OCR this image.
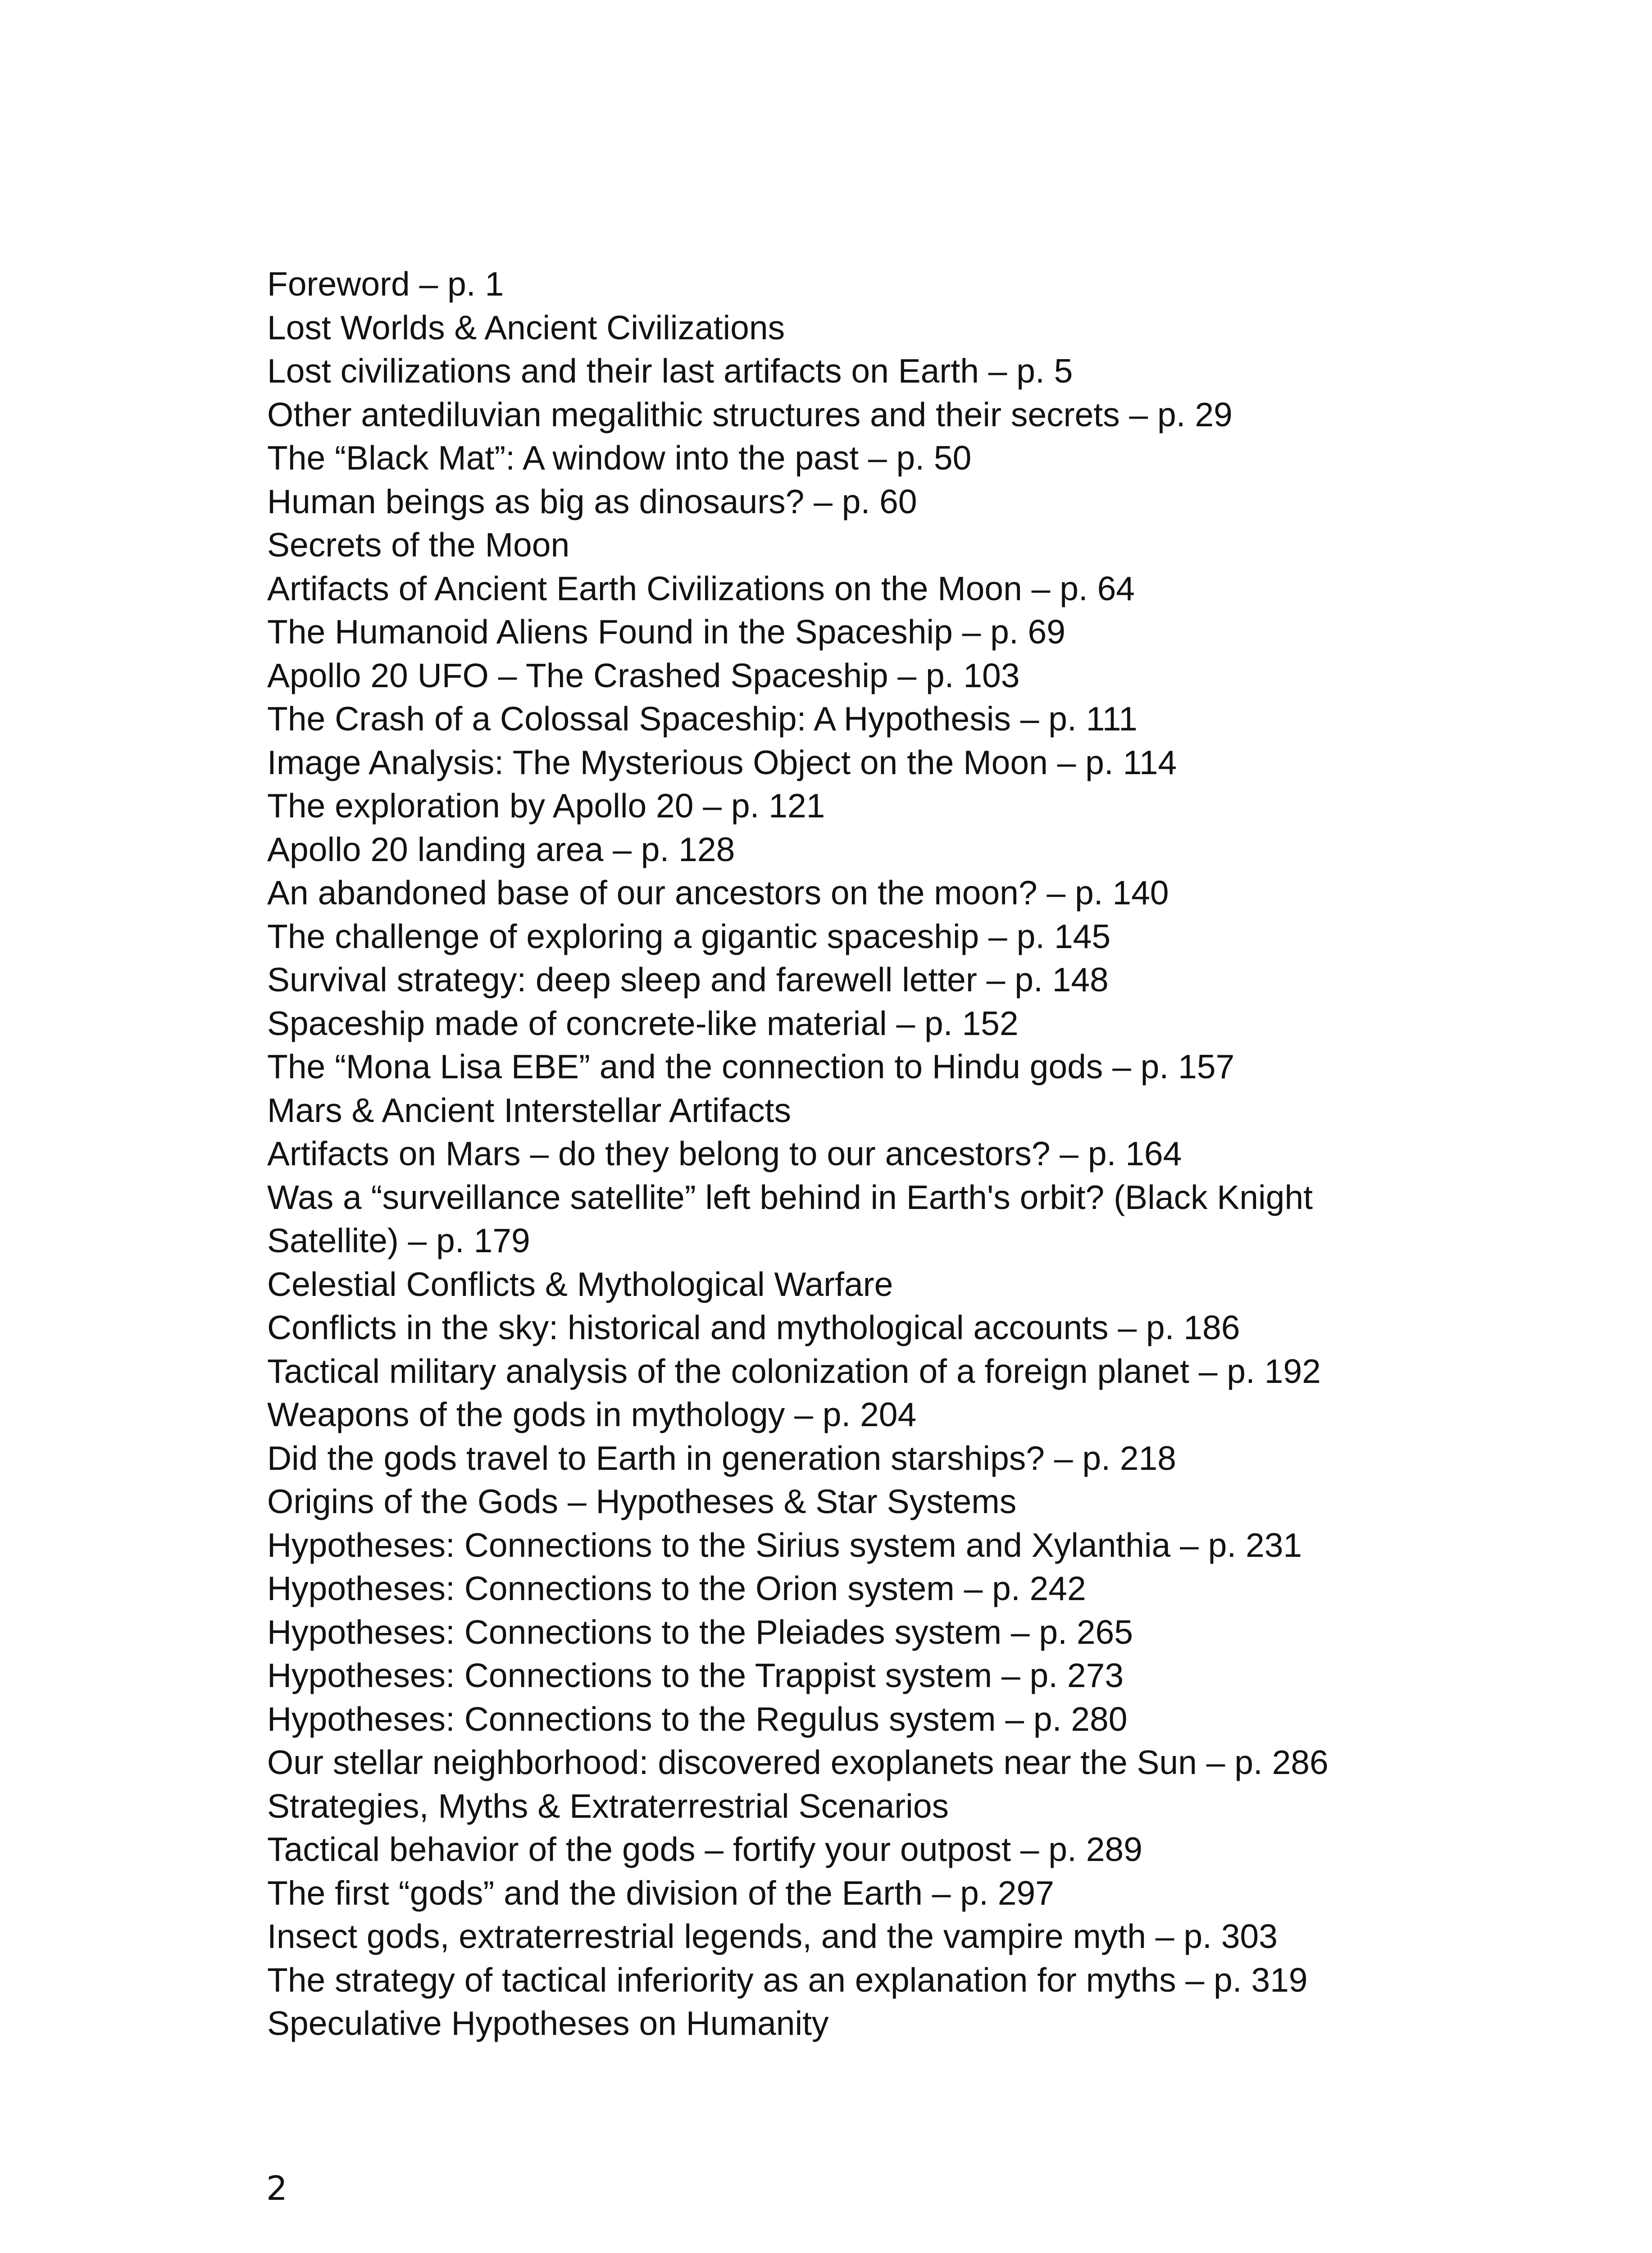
Foreword – p. 1
Lost Worlds & Ancient Civilizations
Lost civilizations and their last artifacts on Earth – p. 5
Other antediluvian megalithic structures and their secrets – p. 29
The “Black Mat”: A window into the past – p. 50
Human beings as big as dinosaurs? – p. 60
Secrets of the Moon
Artifacts of Ancient Earth Civilizations on the Moon – p. 64
The Humanoid Aliens Found in the Spaceship – p. 69
Apollo 20 UFO – The Crashed Spaceship – p. 103
The Crash of a Colossal Spaceship: A Hypothesis – p. 111
Image Analysis: The Mysterious Object on the Moon – p. 114
The exploration by Apollo 20 – p. 121
Apollo 20 landing area – p. 128
An abandoned base of our ancestors on the moon? – p. 140
The challenge of exploring a gigantic spaceship – p. 145
Survival strategy: deep sleep and farewell letter – p. 148
Spaceship made of concrete-like material – p. 152
The “Mona Lisa EBE” and the connection to Hindu gods – p. 157
Mars & Ancient Interstellar Artifacts
Artifacts on Mars – do they belong to our ancestors? – p. 164
Was a “surveillance satellite” left behind in Earth's orbit? (Black Knight Satellite) – p. 179
Celestial Conflicts & Mythological Warfare
Conflicts in the sky: historical and mythological accounts – p. 186
Tactical military analysis of the colonization of a foreign planet – p. 192
Weapons of the gods in mythology – p. 204
Did the gods travel to Earth in generation starships? – p. 218
Origins of the Gods – Hypotheses & Star Systems
Hypotheses: Connections to the Sirius system and Xylanthia – p. 231
Hypotheses: Connections to the Orion system – p. 242
Hypotheses: Connections to the Pleiades system – p. 265
Hypotheses: Connections to the Trappist system – p. 273
Hypotheses: Connections to the Regulus system – p. 280
Our stellar neighborhood: discovered exoplanets near the Sun – p. 286
Strategies, Myths & Extraterrestrial Scenarios
Tactical behavior of the gods – fortify your outpost – p. 289
The first “gods” and the division of the Earth – p. 297
Insect gods, extraterrestrial legends, and the vampire myth – p. 303
The strategy of tactical inferiority as an explanation for myths – p. 319
Speculative Hypotheses on Humanity
2
